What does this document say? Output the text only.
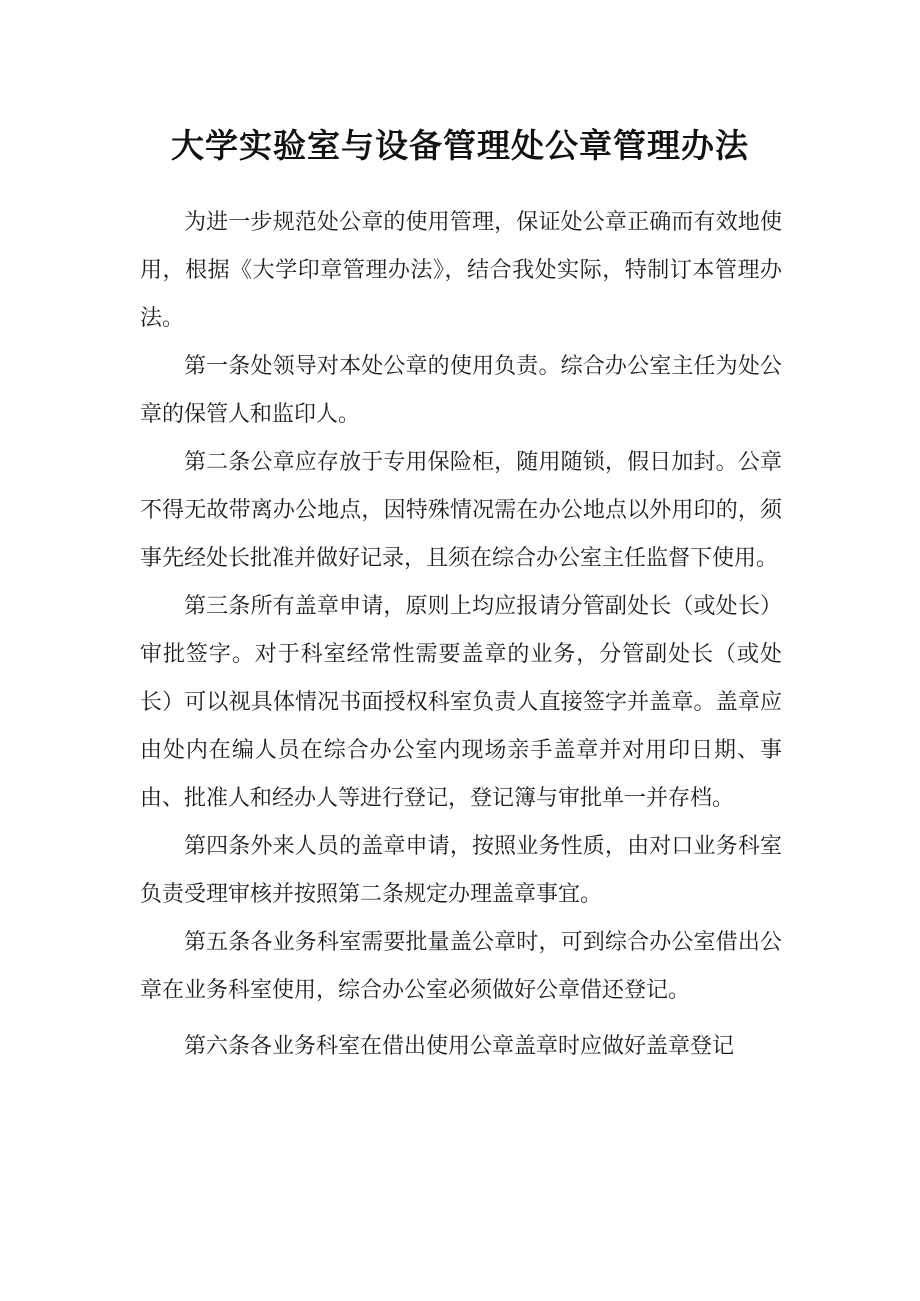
大学实验室与设备管理处公章管理办法

为进一步规范处公章的使用管理，保证处公章正确而有效地使用，根据《大学印章管理办法》，结合我处实际，特制订本管理办法。

第一条处领导对本处公章的使用负责。综合办公室主任为处公章的保管人和监印人。

第二条公章应存放于专用保险柜，随用随锁，假日加封。公章不得无故带离办公地点，因特殊情况需在办公地点以外用印的，须事先经处长批准并做好记录，且须在综合办公室主任监督下使用。

第三条所有盖章申请，原则上均应报请分管副处长（或处长）审批签字。对于科室经常性需要盖章的业务，分管副处长（或处长）可以视具体情况书面授权科室负责人直接签字并盖章。盖章应由处内在编人员在综合办公室内现场亲手盖章并对用印日期、事由、批准人和经办人等进行登记，登记簿与审批单一并存档。

第四条外来人员的盖章申请，按照业务性质，由对口业务科室负责受理审核并按照第二条规定办理盖章事宜。

第五条各业务科室需要批量盖公章时，可到综合办公室借出公章在业务科室使用，综合办公室必须做好公章借还登记。

第六条各业务科室在借出使用公章盖章时应做好盖章登记
